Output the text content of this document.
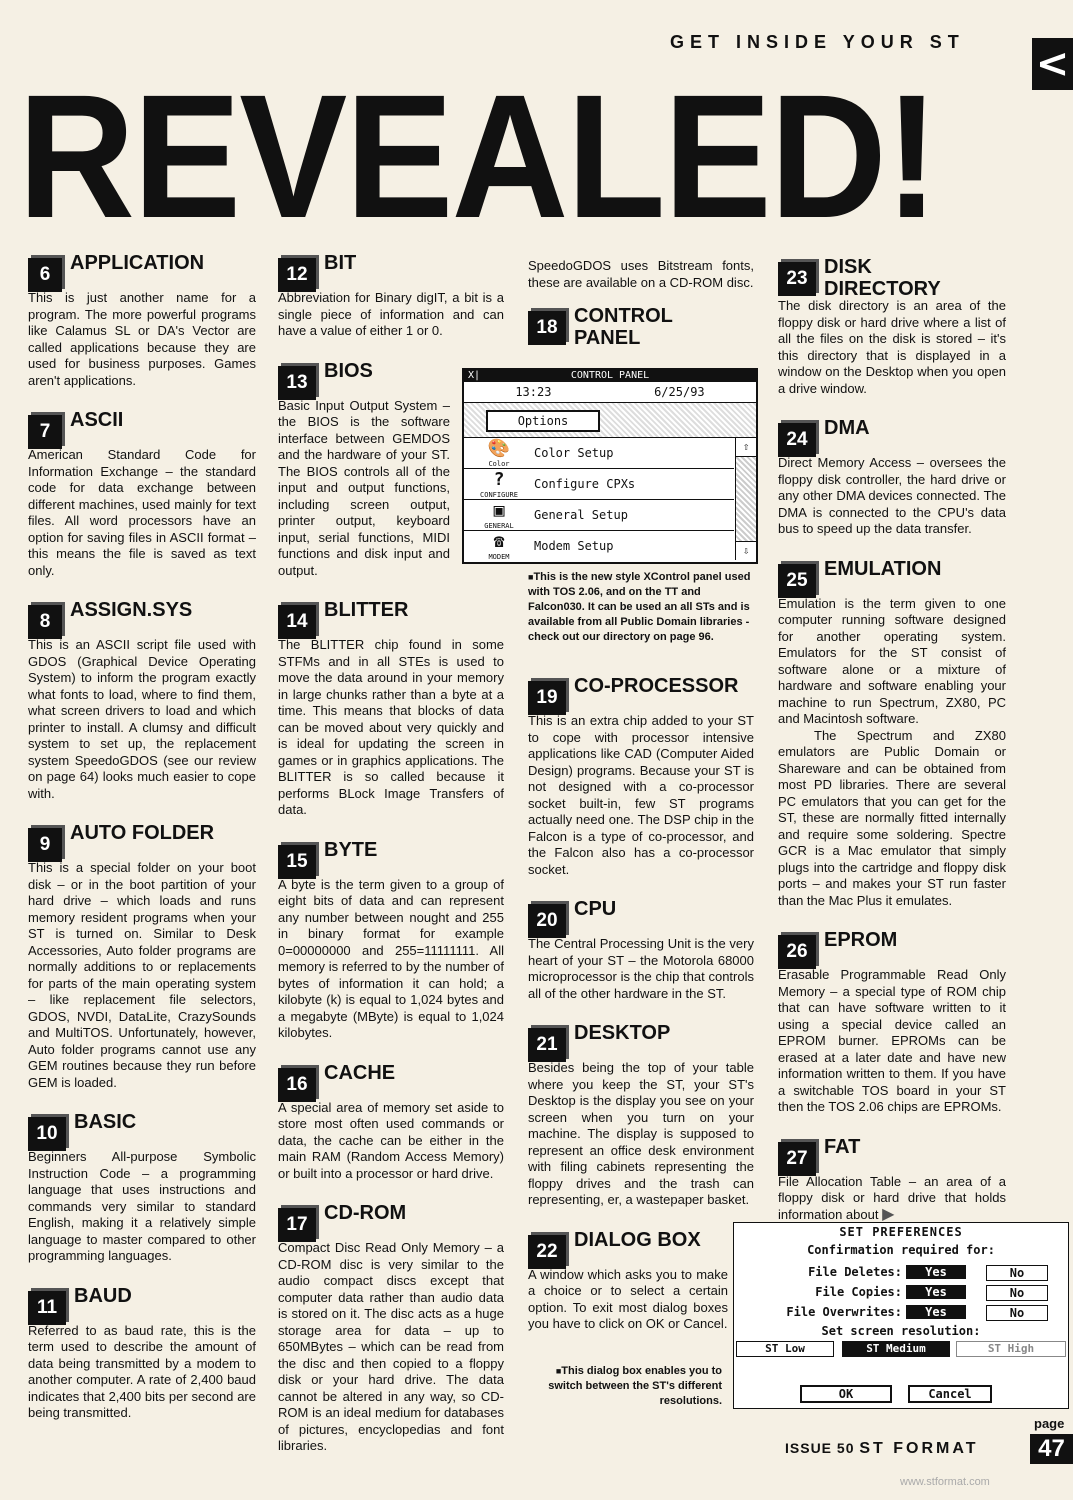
GET INSIDE YOUR ST	<
REVEALED!
6
APPLICATION
This is just another name for a program. The more powerful programs like Calamus SL or DA's Vector are called applications because they are used for business purposes. Games aren't applications.
7
ASCII
American Standard Code for Information Exchange – the standard code for data exchange between different machines, used mainly for text files. All word processors have an option for saving files in ASCII format – this means the file is saved as text only.
8
ASSIGN.SYS
This is an ASCII script file used with GDOS (Graphical Device Operating System) to inform the program exactly what fonts to load, where to find them, what screen drivers to load and which printer to install. A clumsy and difficult system to set up, the replacement system SpeedoGDOS (see our review on page 64) looks much easier to cope with.
9
AUTO FOLDER
This is a special folder on your boot disk – or in the boot partition of your hard drive – which loads and runs memory resident programs when your ST is turned on. Similar to Desk Accessories, Auto folder programs are normally additions to or replacements for parts of the main operating system – like replacement file selectors, GDOS, NVDI, DataLite, CrazySounds and MultiTOS. Unfortunately, however, Auto folder programs cannot use any GEM routines because they run before GEM is loaded.
10
BASIC
Beginners All-purpose Symbolic Instruction Code – a programming language that uses instructions and commands very similar to standard English, making it a relatively simple language to master compared to other programming languages.
11
BAUD
Referred to as baud rate, this is the term used to describe the amount of data being transmitted by a modem to another computer. A rate of 2,400 baud indicates that 2,400 bits per second are being transmitted.
12
BIT
Abbreviation for Binary digIT, a bit is a single piece of information and can have a value of either 1 or 0.
13
BIOS
Basic Input Output System – the BIOS is the software interface between GEMDOS and the hardware of your ST. The BIOS controls all of the input and output functions, including screen output, printer output, keyboard input, serial functions, MIDI functions and disk input and output.
14
BLITTER
The BLITTER chip found in some STFMs and in all STEs is used to move the data around in your memory in large chunks rather than a byte at a time. This means that blocks of data can be moved about very quickly and is ideal for updating the screen in games or in graphics applications. The BLITTER is so called because it performs BLock Image Transfers of data.
15
BYTE
A byte is the term given to a group of eight bits of data and can represent any number between nought and 255 in binary format for example 0=00000000 and 255=11111111. All memory is referred to by the number of bytes of information it can hold; a kilobyte (k) is equal to 1,024 bytes and a megabyte (MByte) is equal to 1,024 kilobytes.
16
CACHE
A special area of memory set aside to store most often used commands or data, the cache can be either in the main RAM (Random Access Memory) or built into a processor or hard drive.
17
CD-ROM
Compact Disc Read Only Memory – a CD-ROM disc is very similar to the audio compact discs except that computer data rather than audio data is stored on it. The disc acts as a huge storage area for data – up to 650MBytes – which can be read from the disc and then copied to a floppy disk or your hard drive. The data cannot be altered in any way, so CD-ROM is an ideal medium for databases of pictures, encyclopedias and font libraries.
SpeedoGDOS uses Bitstream fonts, these are available on a CD-ROM disc.
18
CONTROL PANEL
X|	CONTROL PANEL
13:23	6/25/93
Options
🎨
Color
Color Setup
?
CONFIGURE
Configure CPXs
▣
GENERAL
General Setup
☎
MODEM
Modem Setup
⇧
⇩
■ This is the new style XControl panel used with TOS 2.06, and on the TT and Falcon030. It can be used an all STs and is available from all Public Domain libraries - check out our directory on page 96.
19
CO-PROCESSOR
This is an extra chip added to your ST to cope with processor intensive applications like CAD (Computer Aided Design) programs. Because your ST is not designed with a co-processor socket built-in, few ST programs actually need one. The DSP chip in the Falcon is a type of co-processor, and the Falcon also has a co-processor socket.
20
CPU
The Central Processing Unit is the very heart of your ST – the Motorola 68000 microprocessor is the chip that controls all of the other hardware in the ST.
21
DESKTOP
Besides being the top of your table where you keep the ST, your ST's Desktop is the display you see on your screen when you turn on your machine. The display is supposed to represent an office desk environment with filing cabinets representing the floppy drives and the trash can representing, er, a wastepaper basket.
22
DIALOG BOX
A window which asks you to make a choice or to select a certain option. To exit most dialog boxes you have to click on OK or Cancel.
■ This dialog box enables you to switch between the ST's different resolutions.
23
DISK DIRECTORY
The disk directory is an area of the floppy disk or hard drive where a list of all the files on the disk is stored – it's this directory that is displayed in a window on the Desktop when you open a drive window.
24
DMA
Direct Memory Access – oversees the floppy disk controller, the hard drive or any other DMA devices connected. The DMA is connected to the CPU's data bus to speed up the data transfer.
25
EMULATION
Emulation is the term given to one computer running software designed for another operating system. Emulators for the ST consist of software alone or a mixture of hardware and software enabling your machine to run Spectrum, ZX80, PC and Macintosh software.
The Spectrum and ZX80 emulators are Public Domain or Shareware and can be obtained from most PD libraries. There are several PC emulators that you can get for the ST, these are normally fitted internally and require some soldering. Spectre GCR is a Mac emulator that simply plugs into the cartridge and floppy disk ports – and makes your ST run faster than the Mac Plus it emulates.
26
EPROM
Erasable Programmable Read Only Memory – a special type of ROM chip that can have software written to it using a special device called an EPROM burner. EPROMs can be erased at a later date and have new information written to them. If you have a switchable TOS board in your ST then the TOS 2.06 chips are EPROMs.
27
FAT
File Allocation Table – an area of a floppy disk or hard drive that holds information about ▶
SET PREFERENCES
Confirmation required for:
File Deletes:	Yes	No
File Copies:	Yes	No
File Overwrites:	Yes	No
Set screen resolution:
ST Low	ST Medium	ST High
OK	Cancel
ISSUE 50 ST FORMAT
page
47
www.stformat.com
